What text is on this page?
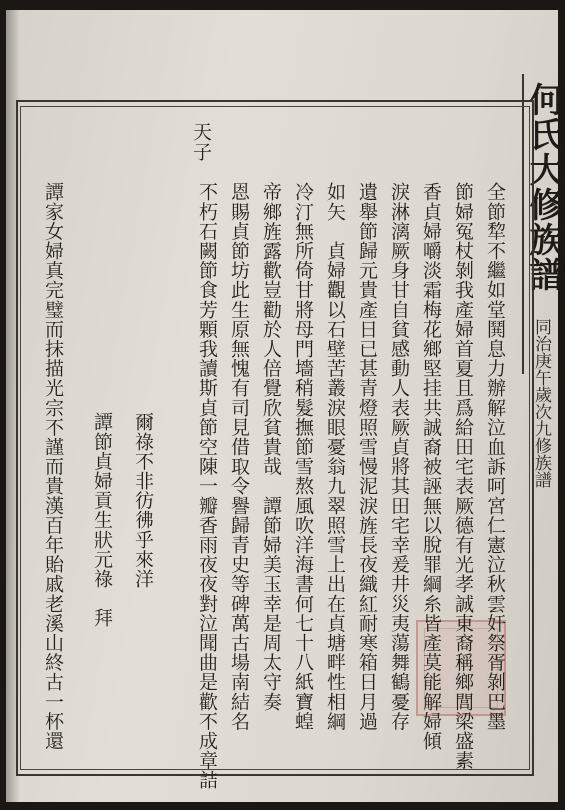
何氏大修族譜
同治庚午歲次九修族譜
全節犂不繼如堂鬨息力辦解泣血訴呵宮仁憲泣秋雲奸祭胥剝巴墨
節婦冤杖剝我產婦首夏且爲給田宅表厥德有光孝誠東裔稱鄉閭梁盛素
香貞婦嚼淡霜梅花鄉堅挂共誠裔被誣無以脫罪綱糸皆產莫能解婦傾
淚淋漓厥身甘自貧感動人表厥貞將其田宅幸爰井災夷蕩舞鶴憂存
遺舉節歸元貴產日已甚青燈照雪慢泥淚旌長夜織紅耐寒箱日月過
如矢　貞婦觀以石壁苦叢淚眼憂翁九翠照雪上出在貞塘畔性相綱
冷汀無所倚甘將母門墻稍髮撫節雪熬風吹洋海書何七十八紙寶蝗
帝鄉旌露歡豈勸於人倍覺欣貧貴哉　譚節婦美玉幸是周太守奏
恩賜貞節坊此生原無愧有司見借取令譽歸青史等碑萬古場南結名
不朽石闕節食芳顆我讀斯貞節空陳一瓣香雨夜夜對泣聞曲是歡不成章詰
天子
爾祿不非彷彿乎來洋
譚節貞婦貢生狀元祿　拜
譚家女婦真完璧而抹描光宗不謹而貴漢百年貽戚老溪山終古一杯還
